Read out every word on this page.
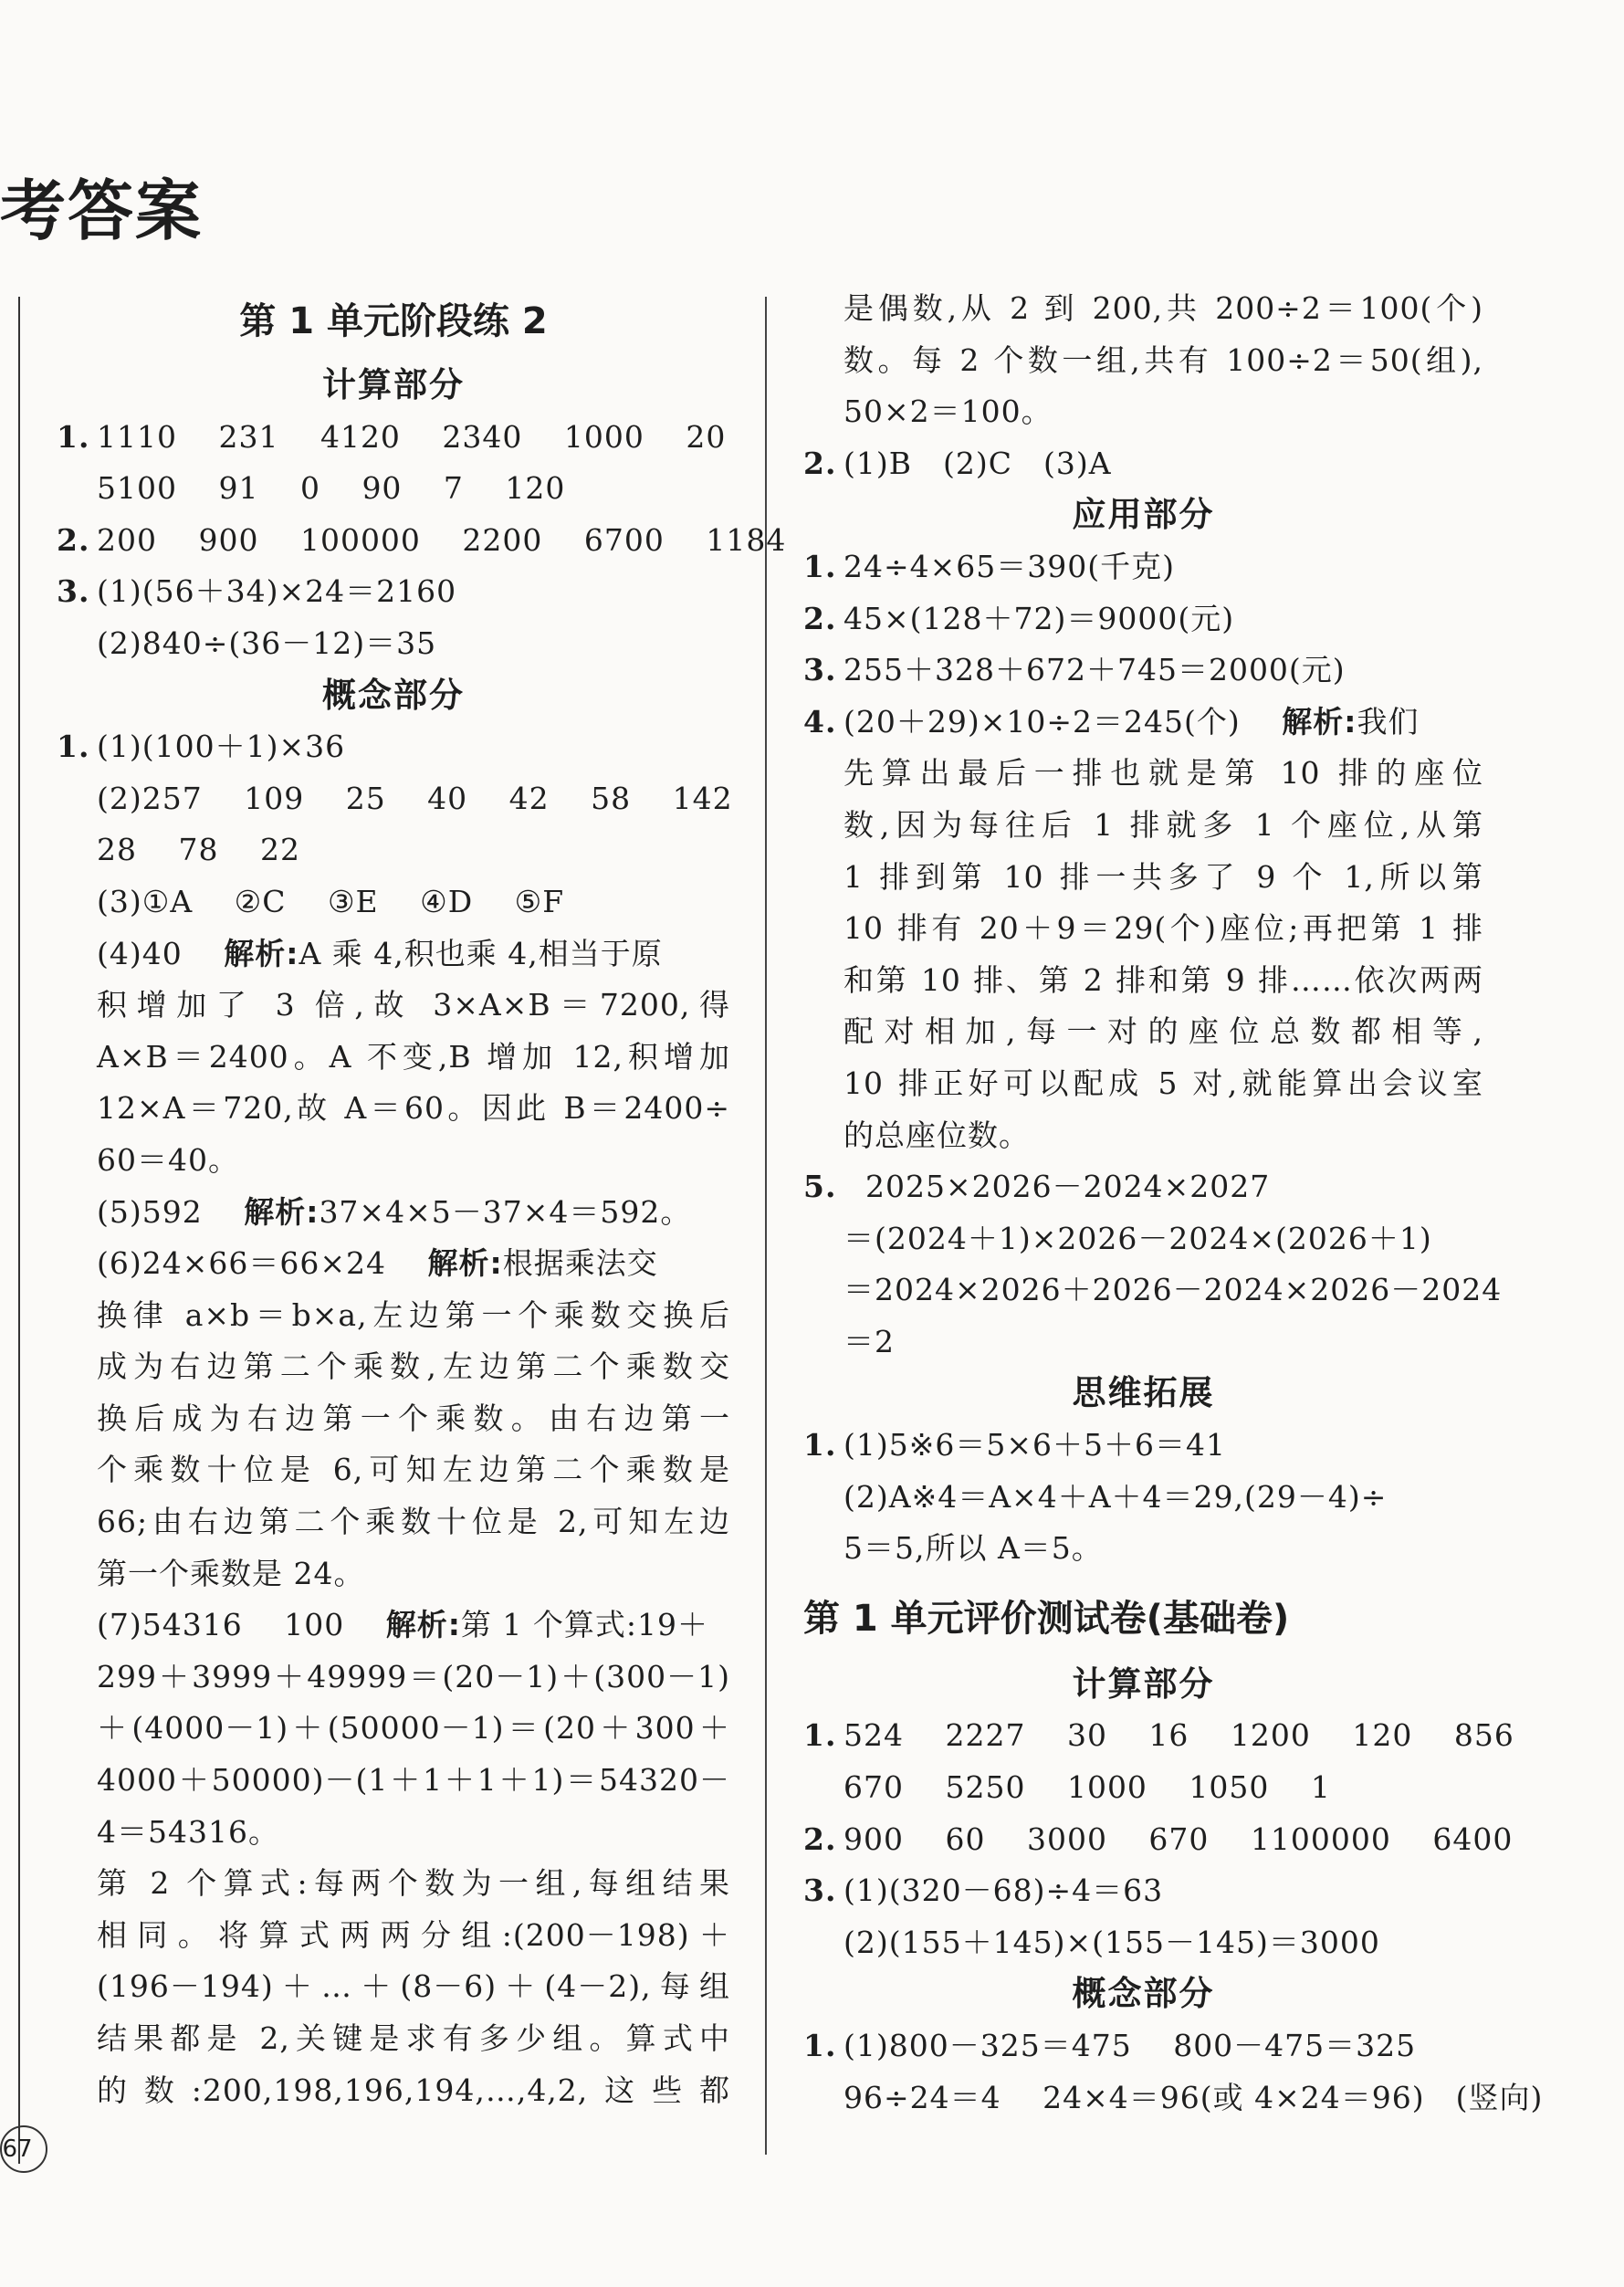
考答案
第 1 单元阶段练 2
计算部分
1. 1110　 231　 4120　 2340　 1000　 20
5100　 91　 0　 90　 7　 120
2. 200　 900　 100000　 2200　 6700　 1184
3. (1)(56＋34)×24＝2160
(2)840÷(36－12)＝35
概念部分
1. (1)(100＋1)×36
(2)257　 109　 25　 40　 42　 58　 142
28　 78　 22
(3)①A　 ②C　 ③E　 ④D　 ⑤F
(4)40　 解析:A 乘 4,积也乘 4,相当于原
积增加了 3 倍,故 3×A×B＝7200,得
A×B＝2400。A 不变,B 增加 12,积增加
12×A＝720,故 A＝60。因此 B＝2400÷
60＝40。
(5)592　 解析:37×4×5－37×4＝592。
(6)24×66＝66×24　 解析:根据乘法交
换律 a×b＝b×a,左边第一个乘数交换后
成为右边第二个乘数,左边第二个乘数交
换后成为右边第一个乘数。由右边第一
个乘数十位是 6,可知左边第二个乘数是
66;由右边第二个乘数十位是 2,可知左边
第一个乘数是 24。
(7)54316　 100　 解析:第 1 个算式:19＋
299＋3999＋49999＝(20－1)＋(300－1)
＋(4000－1)＋(50000－1)＝(20＋300＋
4000＋50000)－(1＋1＋1＋1)＝54320－
4＝54316。
第 2 个算式:每两个数为一组,每组结果
相同。将算式两两分组:(200－198)＋
(196－194)＋…＋(8－6)＋(4－2),每组
结果都是 2,关键是求有多少组。算式中
的数:200,198,196,194,…,4,2,这些都
是偶数,从 2 到 200,共 200÷2＝100(个)
数。每 2 个数一组,共有 100÷2＝50(组),
50×2＝100。
2. (1)B　(2)C　(3)A
应用部分
1. 24÷4×65＝390(千克)
2. 45×(128＋72)＝9000(元)
3. 255＋328＋672＋745＝2000(元)
4. (20＋29)×10÷2＝245(个)　 解析:我们
先算出最后一排也就是第 10 排的座位
数,因为每往后 1 排就多 1 个座位,从第
1 排到第 10 排一共多了 9 个 1,所以第
10 排有 20＋9＝29(个)座位;再把第 1 排
和第 10 排、第 2 排和第 9 排……依次两两
配对相加,每一对的座位总数都相等,
10 排正好可以配成 5 对,就能算出会议室
的总座位数。
5. 2025×2026－2024×2027
＝(2024＋1)×2026－2024×(2026＋1)
＝2024×2026＋2026－2024×2026－2024
＝2
思维拓展
1. (1)5※6＝5×6＋5＋6＝41
(2)A※4＝A×4＋A＋4＝29,(29－4)÷
5＝5,所以 A＝5。
第 1 单元评价测试卷(基础卷)
计算部分
1. 524　 2227　 30　 16　 1200　 120　 856
670　 5250　 1000　 1050　 1
2. 900　 60　 3000　 670　 1100000　 6400
3. (1)(320－68)÷4＝63
(2)(155＋145)×(155－145)＝3000
概念部分
1. (1)800－325＝475　 800－475＝325
96÷24＝4　 24×4＝96(或 4×24＝96)　(竖向)
67
